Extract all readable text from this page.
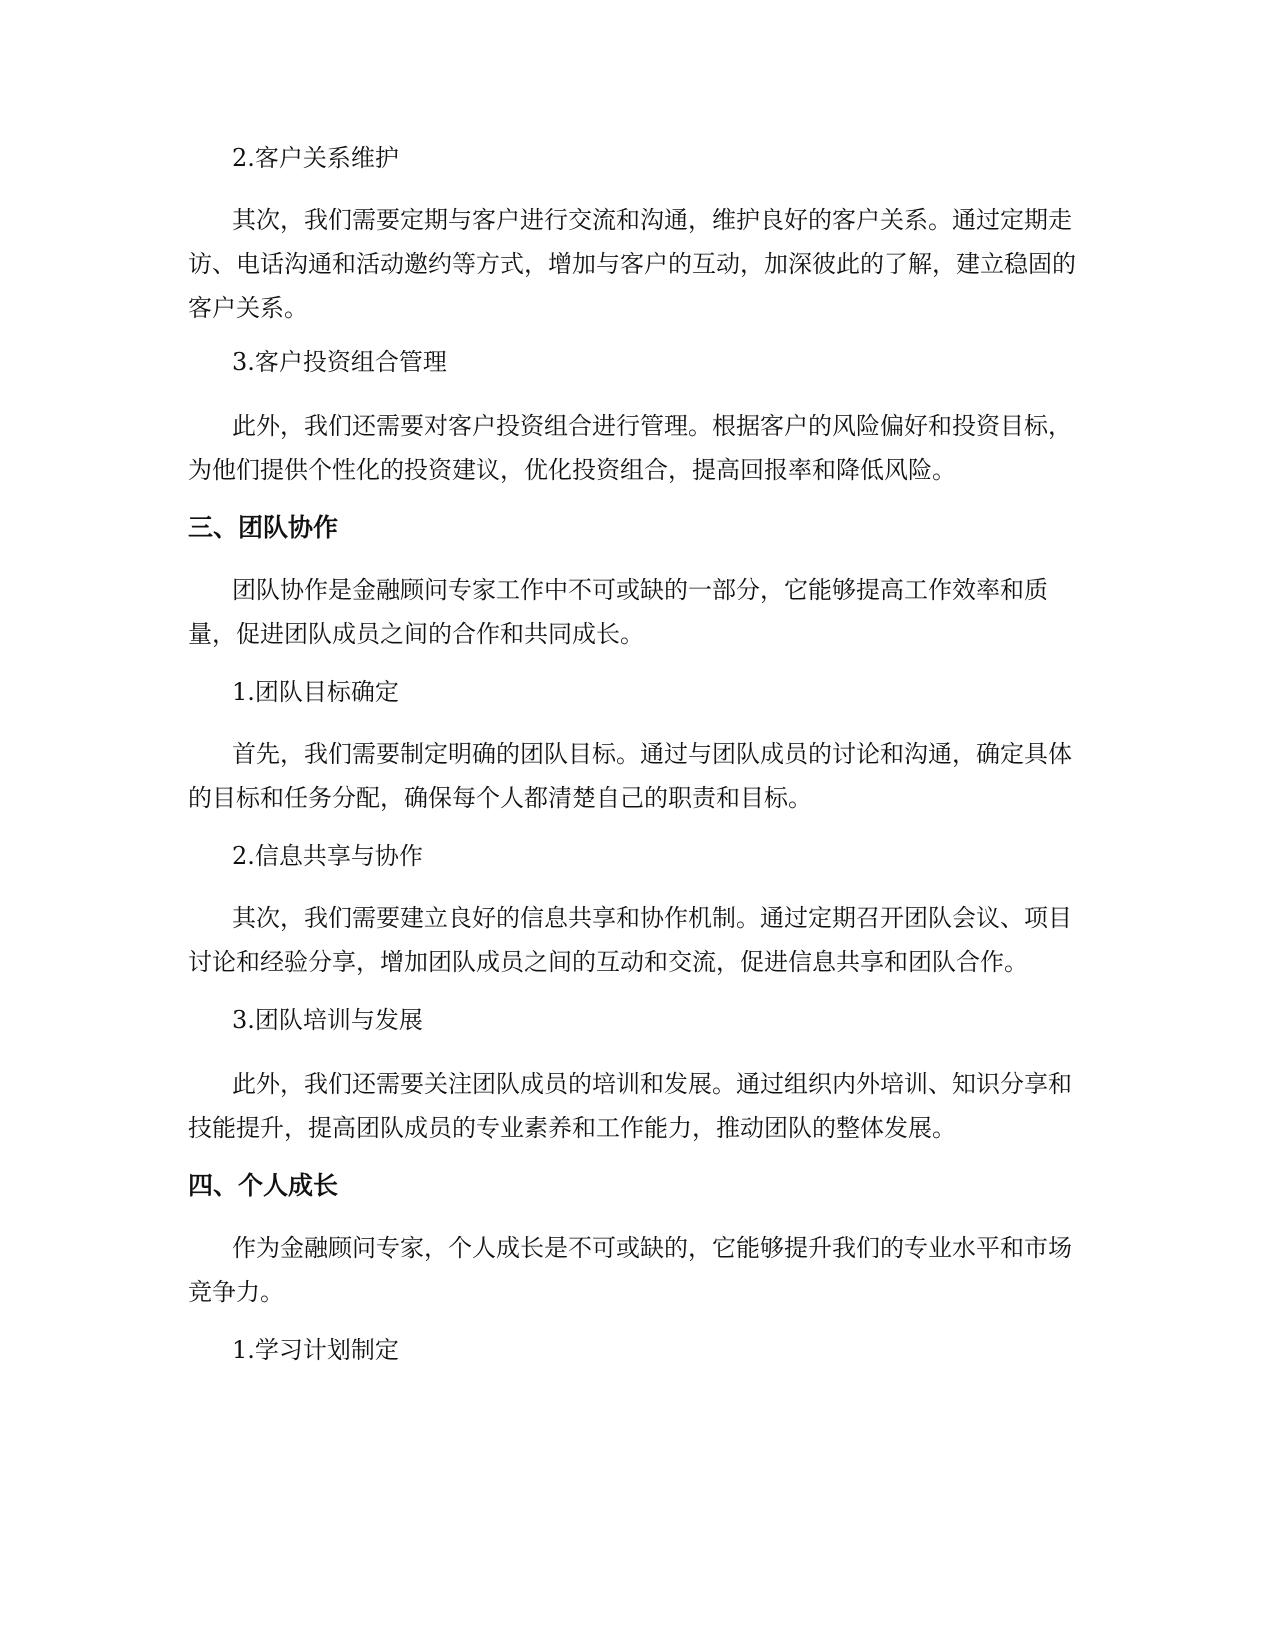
2.客户关系维护

其次，我们需要定期与客户进行交流和沟通，维护良好的客户关系。通过定期走访、电话沟通和活动邀约等方式，增加与客户的互动，加深彼此的了解，建立稳固的客户关系。

3.客户投资组合管理

此外，我们还需要对客户投资组合进行管理。根据客户的风险偏好和投资目标，为他们提供个性化的投资建议，优化投资组合，提高回报率和降低风险。

三、团队协作

团队协作是金融顾问专家工作中不可或缺的一部分，它能够提高工作效率和质量，促进团队成员之间的合作和共同成长。

1.团队目标确定

首先，我们需要制定明确的团队目标。通过与团队成员的讨论和沟通，确定具体的目标和任务分配，确保每个人都清楚自己的职责和目标。

2.信息共享与协作

其次，我们需要建立良好的信息共享和协作机制。通过定期召开团队会议、项目讨论和经验分享，增加团队成员之间的互动和交流，促进信息共享和团队合作。

3.团队培训与发展

此外，我们还需要关注团队成员的培训和发展。通过组织内外培训、知识分享和技能提升，提高团队成员的专业素养和工作能力，推动团队的整体发展。

四、个人成长

作为金融顾问专家，个人成长是不可或缺的，它能够提升我们的专业水平和市场竞争力。

1.学习计划制定
